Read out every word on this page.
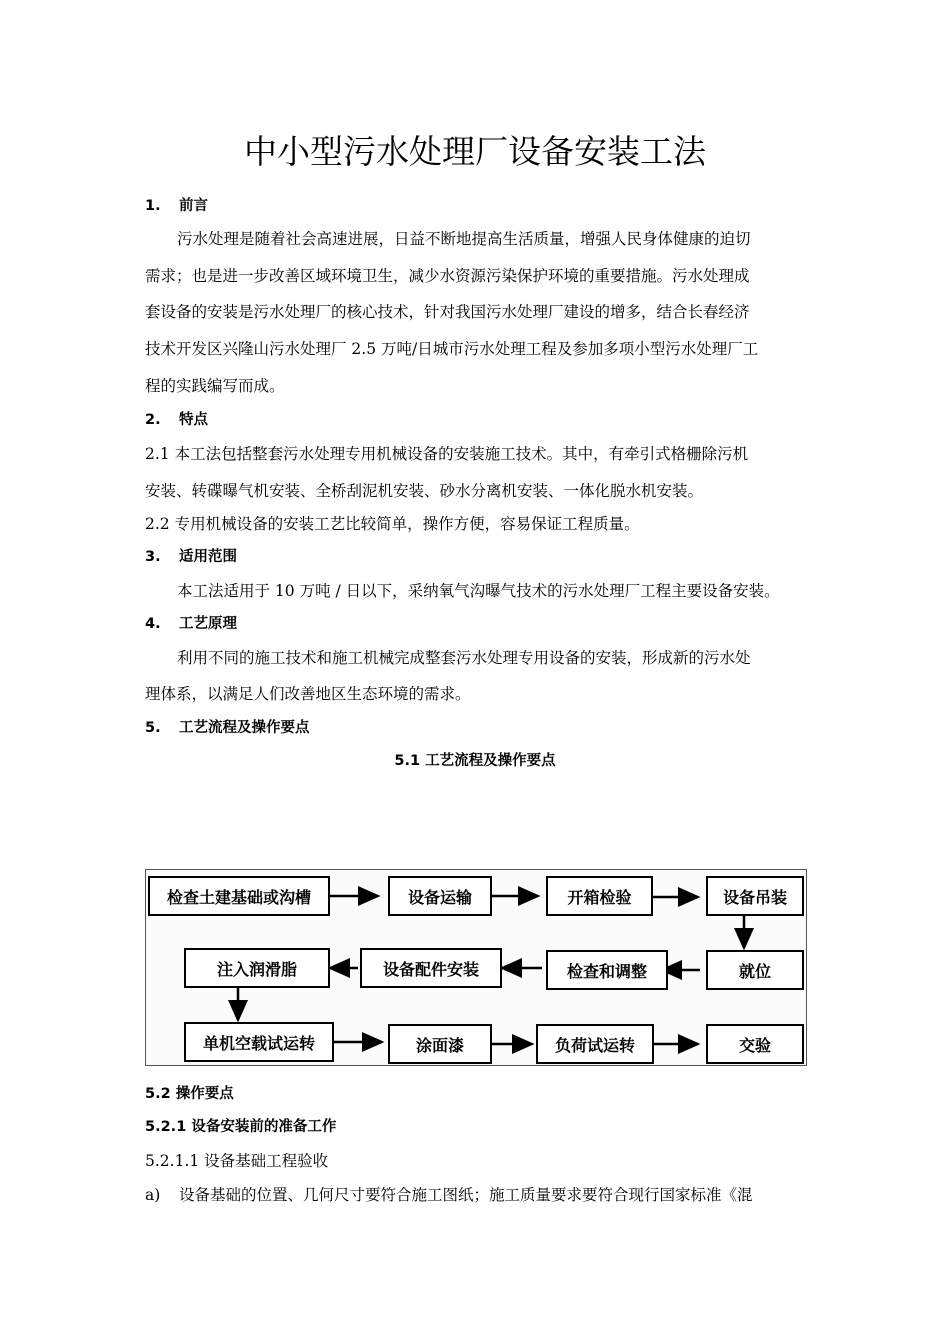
中小型污水处理厂设备安装工法
1. 前言
污水处理是随着社会高速进展，日益不断地提高生活质量，增强人民身体健康的迫切
需求；也是进一步改善区域环境卫生，减少水资源污染保护环境的重要措施。污水处理成
套设备的安装是污水处理厂的核心技术，针对我国污水处理厂建设的增多，结合长春经济
技术开发区兴隆山污水处理厂 2.5 万吨/日城市污水处理工程及参加多项小型污水处理厂工
程的实践编写而成。
2. 特点
2.1 本工法包括整套污水处理专用机械设备的安装施工技术。其中，有牵引式格栅除污机
安装、转碟曝气机安装、全桥刮泥机安装、砂水分离机安装、一体化脱水机安装。
2.2 专用机械设备的安装工艺比较简单，操作方便，容易保证工程质量。
3. 适用范围
本工法适用于 10 万吨 / 日以下，采纳氧气沟曝气技术的污水处理厂工程主要设备安装。
4. 工艺原理
利用不同的施工技术和施工机械完成整套污水处理专用设备的安装，形成新的污水处
理体系，以满足人们改善地区生态环境的需求。
5. 工艺流程及操作要点
5.1 工艺流程及操作要点
检查土建基础或沟槽	设备运输	开箱检验	设备吊装
就位
检查和调整
设备配件安装
注入润滑脂
单机空载试运转	涂面漆	负荷试运转	交验
5.2 操作要点
5.2.1 设备安装前的准备工作
5.2.1.1 设备基础工程验收
a) 设备基础的位置、几何尺寸要符合施工图纸；施工质量要求要符合现行国家标准《混
